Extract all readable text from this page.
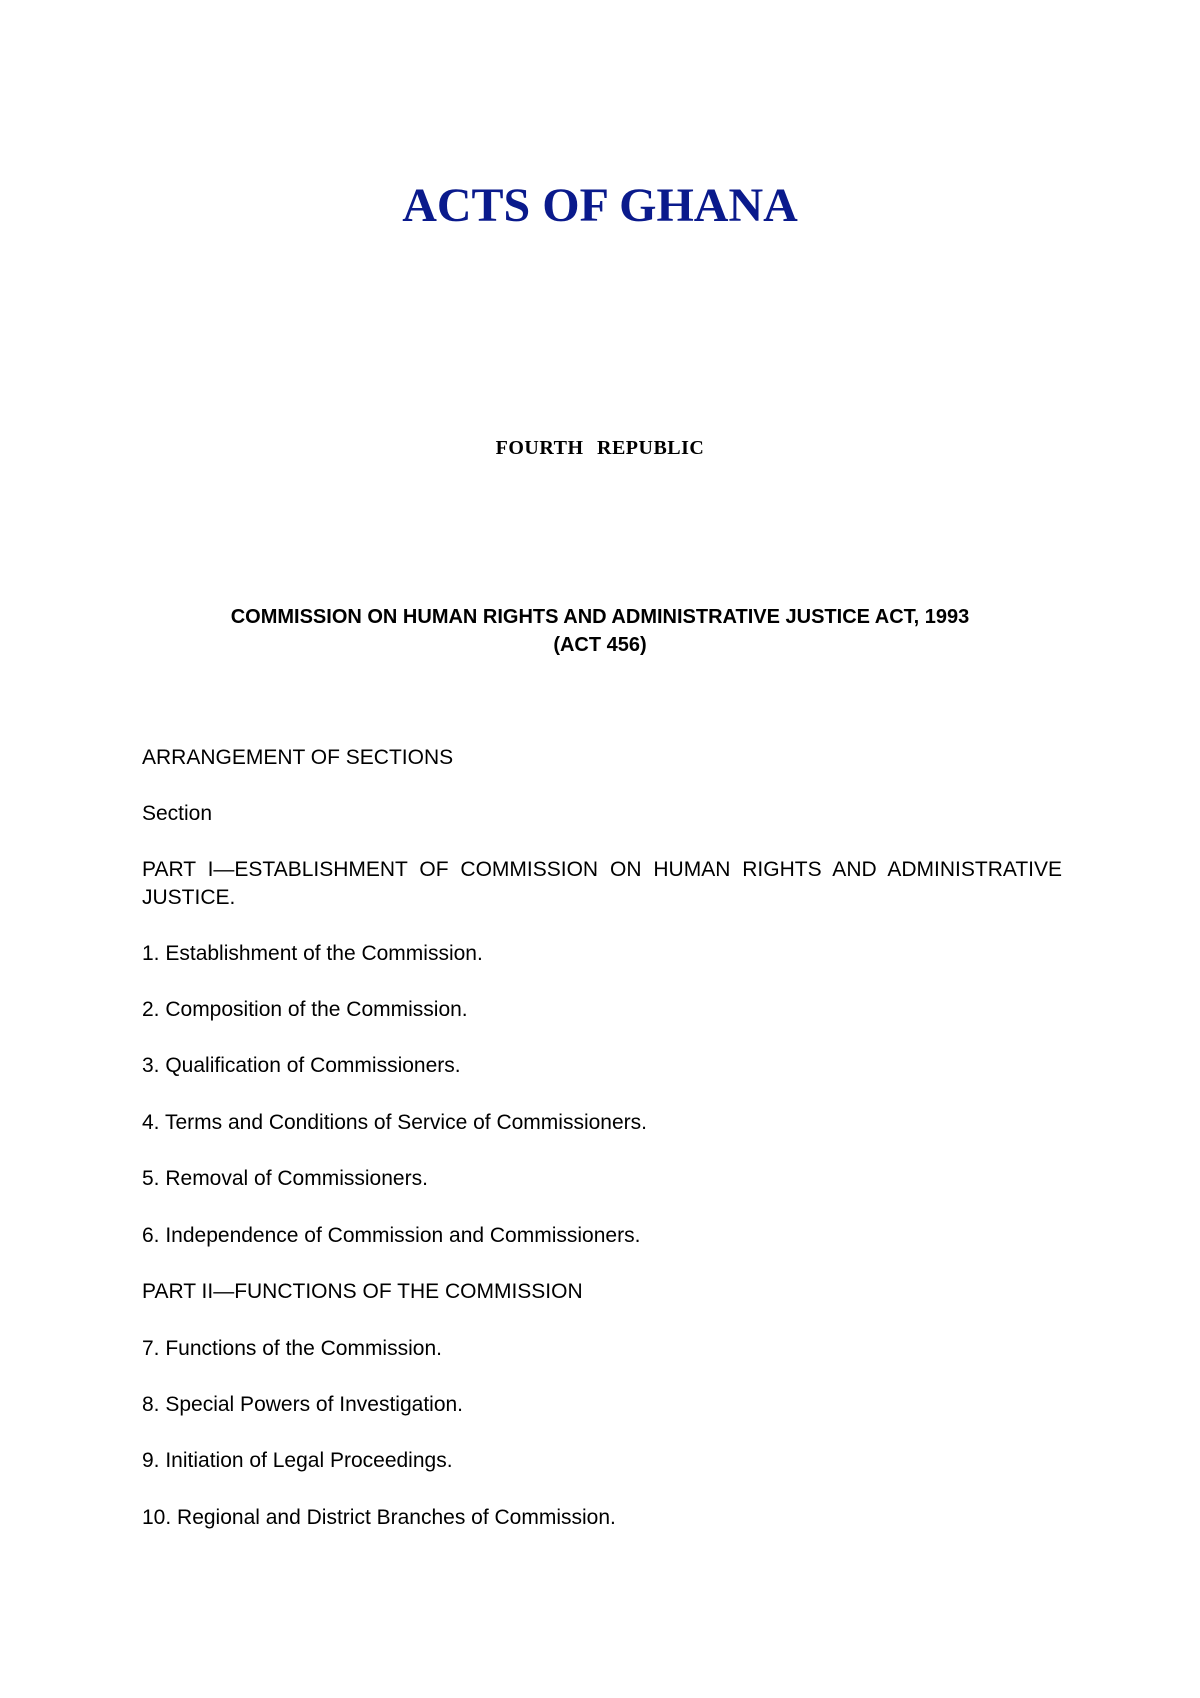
ACTS OF GHANA

FOURTH REPUBLIC

COMMISSION ON HUMAN RIGHTS AND ADMINISTRATIVE JUSTICE ACT, 1993
(ACT 456)

ARRANGEMENT OF SECTIONS

Section

PART I—ESTABLISHMENT OF COMMISSION ON HUMAN RIGHTS AND ADMINISTRATIVE JUSTICE.

1. Establishment of the Commission.

2. Composition of the Commission.

3. Qualification of Commissioners.

4. Terms and Conditions of Service of Commissioners.

5. Removal of Commissioners.

6. Independence of Commission and Commissioners.

PART II—FUNCTIONS OF THE COMMISSION

7. Functions of the Commission.

8. Special Powers of Investigation.

9. Initiation of Legal Proceedings.

10. Regional and District Branches of Commission.
